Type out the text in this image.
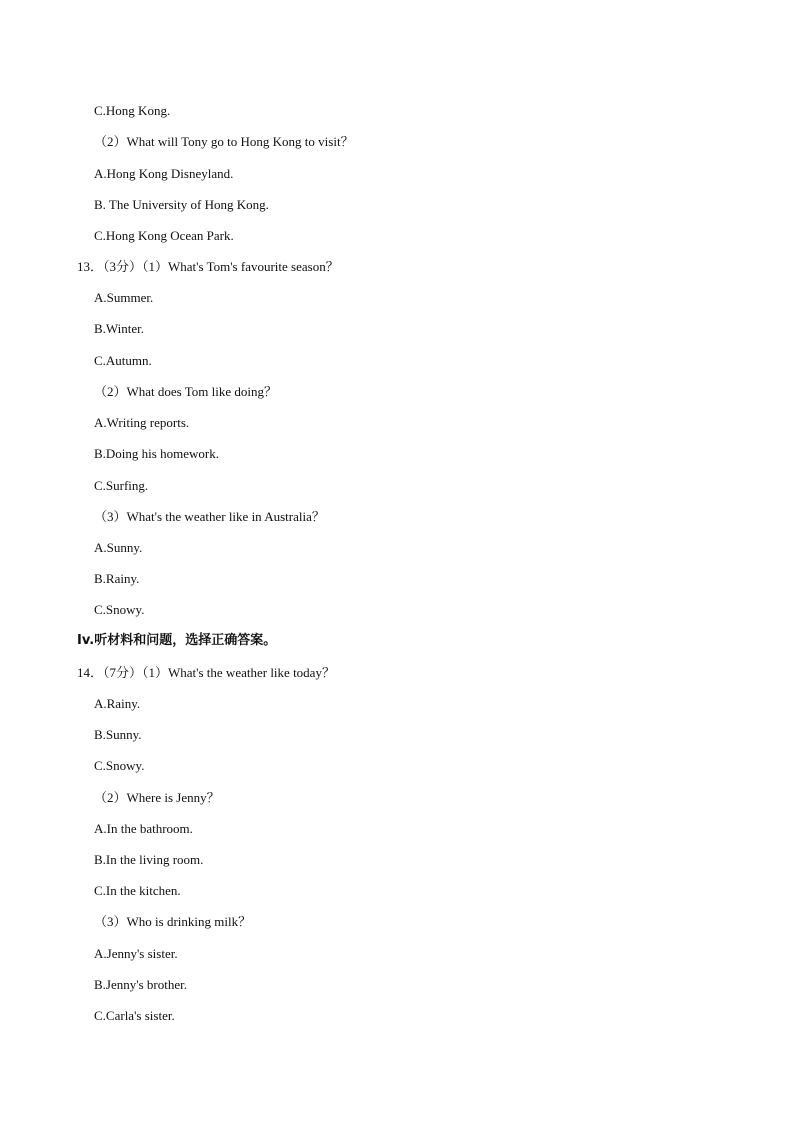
C.Hong Kong.
（2）What will Tony go to Hong Kong to visit？
A.Hong Kong Disneyland.
B. The University of Hong Kong.
C.Hong Kong Ocean Park.
13．（3分）（1）What's Tom's favourite season？
A.Summer.
B.Winter.
C.Autumn.
（2）What does Tom like doing？
A.Writing reports.
B.Doing his homework.
C.Surfing.
（3）What's the weather like in Australia？
A.Sunny.
B.Rainy.
C.Snowy.
Iv.听材料和问题，选择正确答案。
14．（7分）（1）What's the weather like today？
A.Rainy.
B.Sunny.
C.Snowy.
（2）Where is Jenny？
A.In the bathroom.
B.In the living room.
C.In the kitchen.
（3）Who is drinking milk？
A.Jenny's sister.
B.Jenny's brother.
C.Carla's sister.
